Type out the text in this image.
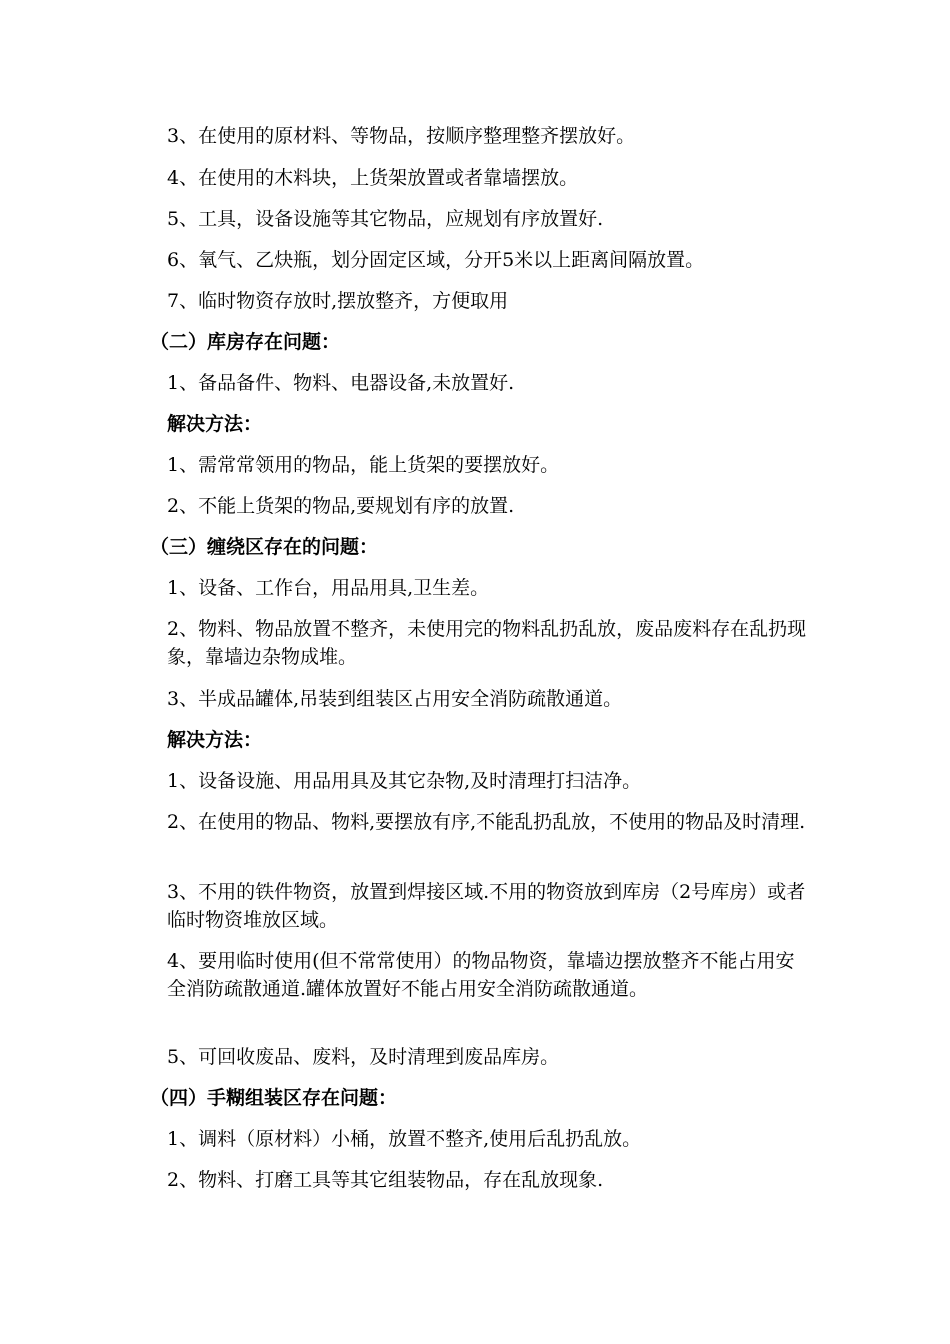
3、在使用的原材料、等物品，按顺序整理整齐摆放好。
4、在使用的木料块，上货架放置或者靠墙摆放。
5、工具，设备设施等其它物品，应规划有序放置好.
6、氧气、乙炔瓶，划分固定区域，分开5米以上距离间隔放置。
7、临时物资存放时,摆放整齐，方便取用
（二）库房存在问题：
1、备品备件、物料、电器设备,未放置好.
解决方法：
1、需常常领用的物品，能上货架的要摆放好。
2、不能上货架的物品,要规划有序的放置.
（三）缠绕区存在的问题：
1、设备、工作台，用品用具,卫生差。
2、物料、物品放置不整齐，未使用完的物料乱扔乱放，废品废料存在乱扔现象，靠墙边杂物成堆。
3、半成品罐体,吊装到组装区占用安全消防疏散通道。
解决方法：
1、设备设施、用品用具及其它杂物,及时清理打扫洁净。
2、在使用的物品、物料,要摆放有序,不能乱扔乱放，不使用的物品及时清理.
3、不用的铁件物资，放置到焊接区域.不用的物资放到库房（2号库房）或者临时物资堆放区域。
4、要用临时使用(但不常常使用）的物品物资，靠墙边摆放整齐不能占用安全消防疏散通道.罐体放置好不能占用安全消防疏散通道。
5、可回收废品、废料，及时清理到废品库房。
（四）手糊组装区存在问题：
1、调料（原材料）小桶，放置不整齐,使用后乱扔乱放。
2、物料、打磨工具等其它组装物品，存在乱放现象.
